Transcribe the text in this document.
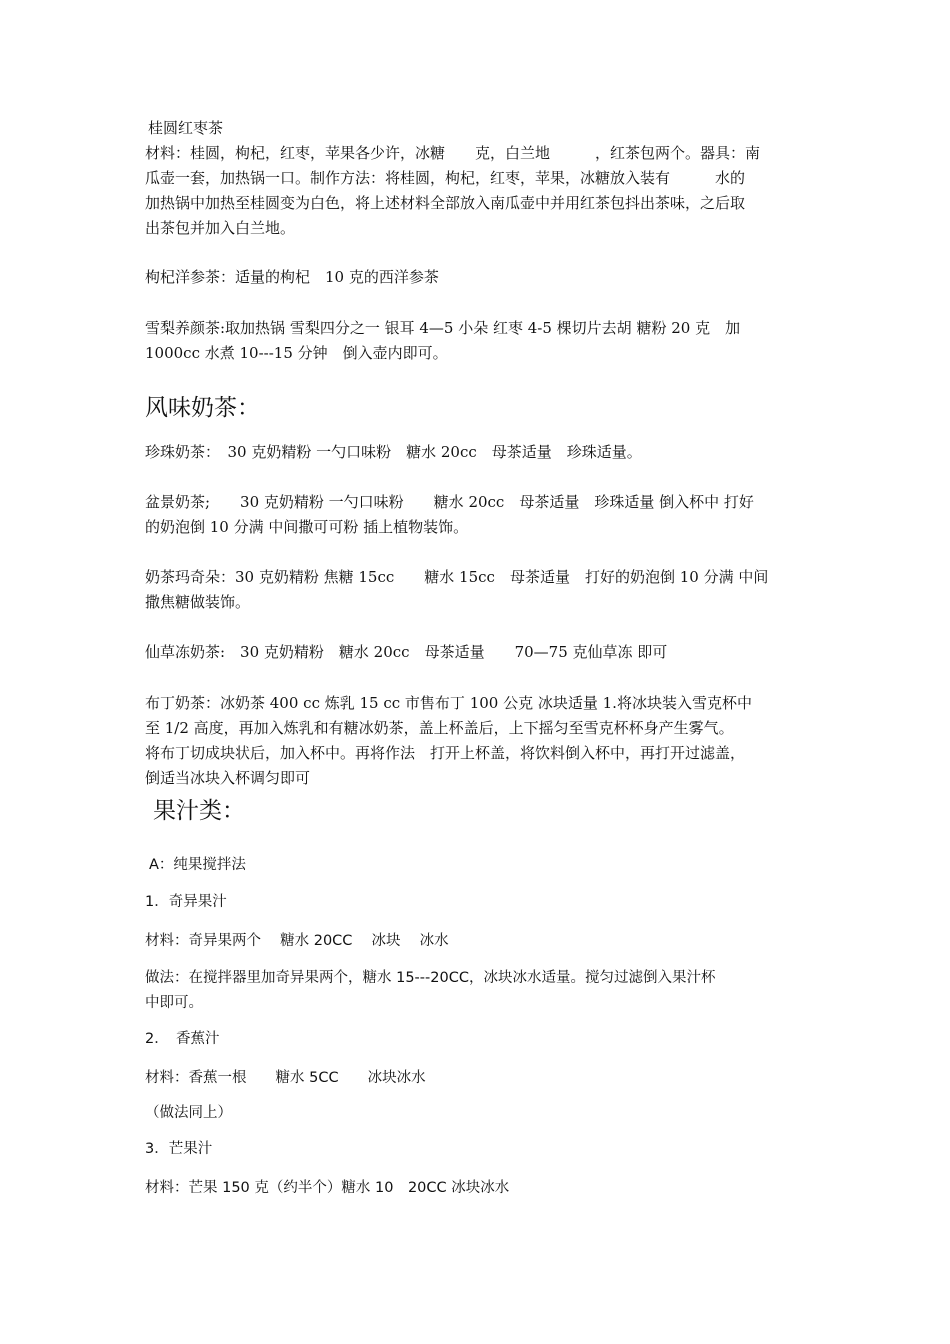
桂圆红枣茶

材料：桂圆，枸杞，红枣，苹果各少许，冰糖　　克，白兰地　　　，红茶包两个。器具：南

瓜壶一套，加热锅一口。制作方法：将桂圆，枸杞，红枣，苹果，冰糖放入装有　　　水的

加热锅中加热至桂圆变为白色，将上述材料全部放入南瓜壶中并用红茶包抖出茶味，之后取

出茶包并加入白兰地。

枸杞洋参茶：适量的枸杞　10 克的西洋参茶

雪梨养颜茶:取加热锅 雪梨四分之一 银耳 4—5 小朵 红枣 4-5 棵切片去胡 糖粉 20 克　加

1000cc 水煮 10---15 分钟　倒入壶内即可。

风味奶茶：

珍珠奶茶：　30 克奶精粉 一勺口味粉　糖水 20cc　母茶适量　珍珠适量。

盆景奶茶;　　30 克奶精粉 一勺口味粉　　糖水 20cc　母茶适量　珍珠适量 倒入杯中 打好

的奶泡倒 10 分满 中间撒可可粉 插上植物装饰。

奶茶玛奇朵：30 克奶精粉 焦糖 15cc　　糖水 15cc　母茶适量　打好的奶泡倒 10 分满 中间

撒焦糖做装饰。

仙草冻奶茶:　30 克奶精粉　糖水 20cc　母茶适量　　70—75 克仙草冻 即可

布丁奶茶：冰奶茶 400 cc 炼乳 15 cc 市售布丁 100 公克 冰块适量 1.将冰块装入雪克杯中

至 1/2 高度，再加入炼乳和有糖冰奶茶，盖上杯盖后，上下摇匀至雪克杯杯身产生雾气。

将布丁切成块状后，加入杯中。再将作法　打开上杯盖，将饮料倒入杯中，再打开过滤盖，

倒适当冰块入杯调匀即可

果汁类：

A：纯果搅拌法

1．奇异果汁

材料：奇异果两个　 糖水 20CC　 冰块　 冰水

做法：在搅拌器里加奇异果两个，糖水 15---20CC，冰块冰水适量。搅匀过滤倒入果汁杯

中即可。

2．　香蕉汁

材料：香蕉一根　　糖水 5CC　　冰块冰水

（做法同上）

3．芒果汁

材料：芒果 150 克（约半个）糖水 10　20CC 冰块冰水
